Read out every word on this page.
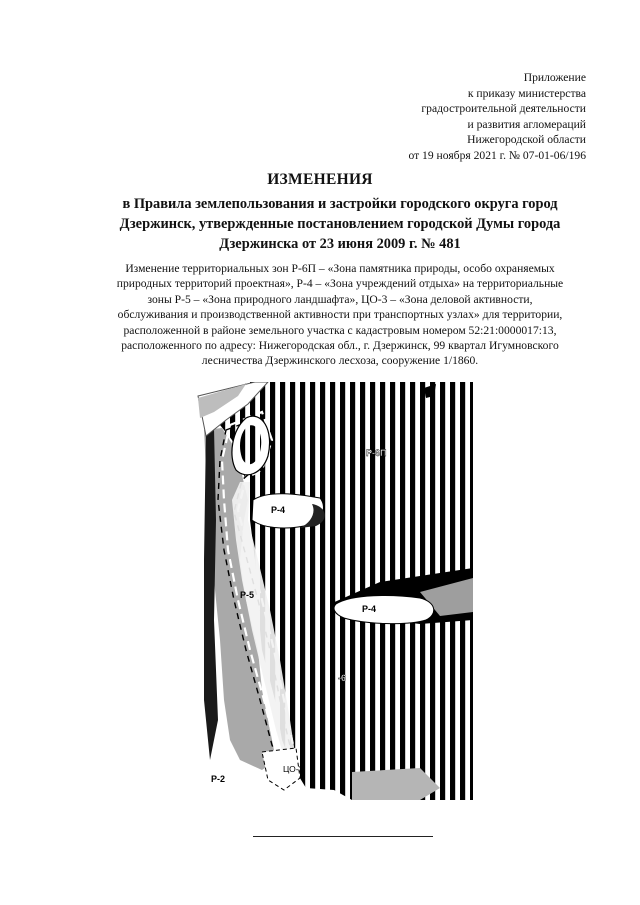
Приложение
к приказу министерства
градостроительной деятельности
и развития агломераций
Нижегородской области
от 19 ноября 2021 г. № 07-01-06/196
ИЗМЕНЕНИЯ
в Правила землепользования и застройки городского округа город
Дзержинск, утвержденные постановлением городской Думы города
Дзержинска от 23 июня 2009 г. № 481
Изменение территориальных зон Р-6П – «Зона памятника природы, особо охраняемых
природных территорий проектная», Р-4 – «Зона учреждений отдыха» на территориальные
зоны Р-5 – «Зона природного ландшафта», ЦО-3 – «Зона деловой активности,
обслуживания и производственной активности при транспортных узлах» для территории,
расположенной в районе земельного участка с кадастровым номером 52:21:0000017:13,
расположенного по адресу: Нижегородская обл., г. Дзержинск, 99 квартал Игумновского
лесничества Дзержинского лесхоза, сооружение 1/1860.
Р-6П
Р-4
Р-5
Р-4
-6
ЦО-3
Р-2
